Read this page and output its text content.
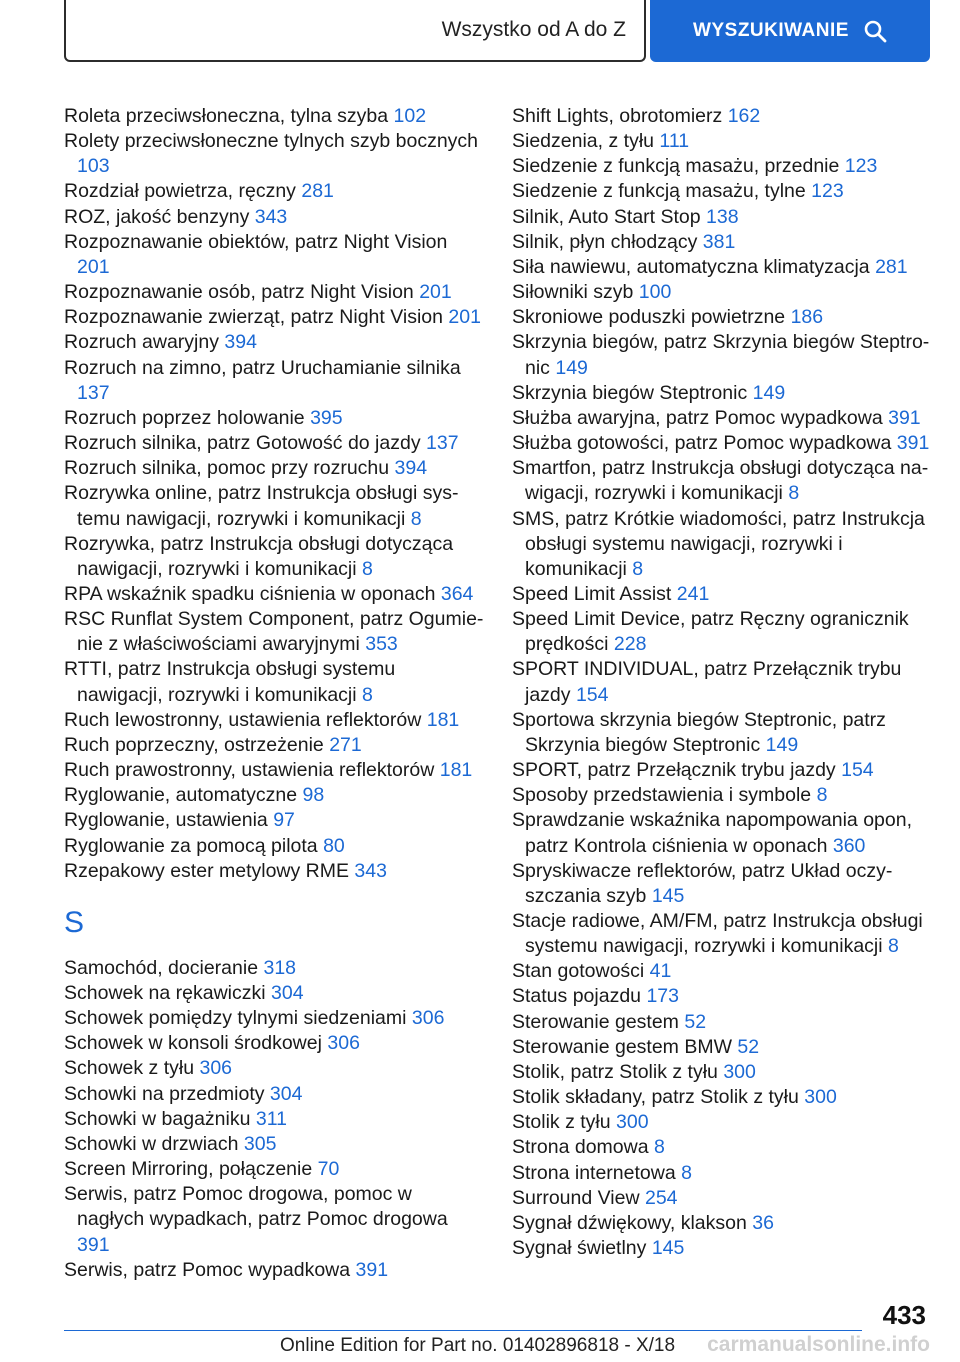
Wszystko od A do Z	WYSZUKIWANIE
Roleta przeciwsłoneczna, tylna szyba 102
Rolety przeciwsłoneczne tylnych szyb bocznych 103
Rozdział powietrza, ręczny 281
ROZ, jakość benzyny 343
Rozpoznawanie obiektów, patrz Night Vision 201
Rozpoznawanie osób, patrz Night Vision 201
Rozpoznawanie zwierząt, patrz Night Vision 201
Rozruch awaryjny 394
Rozruch na zimno, patrz Uruchamianie silnika 137
Rozruch poprzez holowanie 395
Rozruch silnika, patrz Gotowość do jazdy 137
Rozruch silnika, pomoc przy rozruchu 394
Rozrywka online, patrz Instrukcja obsługi systemu nawigacji, rozrywki i komunikacji 8
Rozrywka, patrz Instrukcja obsługi dotycząca nawigacji, rozrywki i komunikacji 8
RPA wskaźnik spadku ciśnienia w oponach 364
RSC Runflat System Component, patrz Ogumienie z właściwościami awaryjnymi 353
RTTI, patrz Instrukcja obsługi systemu nawigacji, rozrywki i komunikacji 8
Ruch lewostronny, ustawienia reflektorów 181
Ruch poprzeczny, ostrzeżenie 271
Ruch prawostronny, ustawienia reflektorów 181
Ryglowanie, automatyczne 98
Ryglowanie, ustawienia 97
Ryglowanie za pomocą pilota 80
Rzepakowy ester metylowy RME 343
S
Samochód, docieranie 318
Schowek na rękawiczki 304
Schowek pomiędzy tylnymi siedzeniami 306
Schowek w konsoli środkowej 306
Schowek z tyłu 306
Schowki na przedmioty 304
Schowki w bagażniku 311
Schowki w drzwiach 305
Screen Mirroring, połączenie 70
Serwis, patrz Pomoc drogowa, pomoc w nagłych wypadkach, patrz Pomoc drogowa 391
Serwis, patrz Pomoc wypadkowa 391
Shift Lights, obrotomierz 162
Siedzenia, z tyłu 111
Siedzenie z funkcją masażu, przednie 123
Siedzenie z funkcją masażu, tylne 123
Silnik, Auto Start Stop 138
Silnik, płyn chłodzący 381
Siła nawiewu, automatyczna klimatyzacja 281
Siłowniki szyb 100
Skroniowe poduszki powietrzne 186
Skrzynia biegów, patrz Skrzynia biegów Steptronic 149
Skrzynia biegów Steptronic 149
Służba awaryjna, patrz Pomoc wypadkowa 391
Służba gotowości, patrz Pomoc wypadkowa 391
Smartfon, patrz Instrukcja obsługi dotycząca nawigacji, rozrywki i komunikacji 8
SMS, patrz Krótkie wiadomości, patrz Instrukcja obsługi systemu nawigacji, rozrywki i komunikacji 8
Speed Limit Assist 241
Speed Limit Device, patrz Ręczny ogranicznik prędkości 228
SPORT INDIVIDUAL, patrz Przełącznik trybu jazdy 154
Sportowa skrzynia biegów Steptronic, patrz Skrzynia biegów Steptronic 149
SPORT, patrz Przełącznik trybu jazdy 154
Sposoby przedstawienia i symbole 8
Sprawdzanie wskaźnika napompowania opon, patrz Kontrola ciśnienia w oponach 360
Spryskiwacze reflektorów, patrz Układ oczyszczania szyb 145
Stacje radiowe, AM/FM, patrz Instrukcja obsługi systemu nawigacji, rozrywki i komunikacji 8
Stan gotowości 41
Status pojazdu 173
Sterowanie gestem 52
Sterowanie gestem BMW 52
Stolik, patrz Stolik z tyłu 300
Stolik składany, patrz Stolik z tyłu 300
Stolik z tyłu 300
Strona domowa 8
Strona internetowa 8
Surround View 254
Sygnał dźwiękowy, klakson 36
Sygnał świetlny 145
433
Online Edition for Part no. 01402896818 - X/18 carmanualsonline.info
